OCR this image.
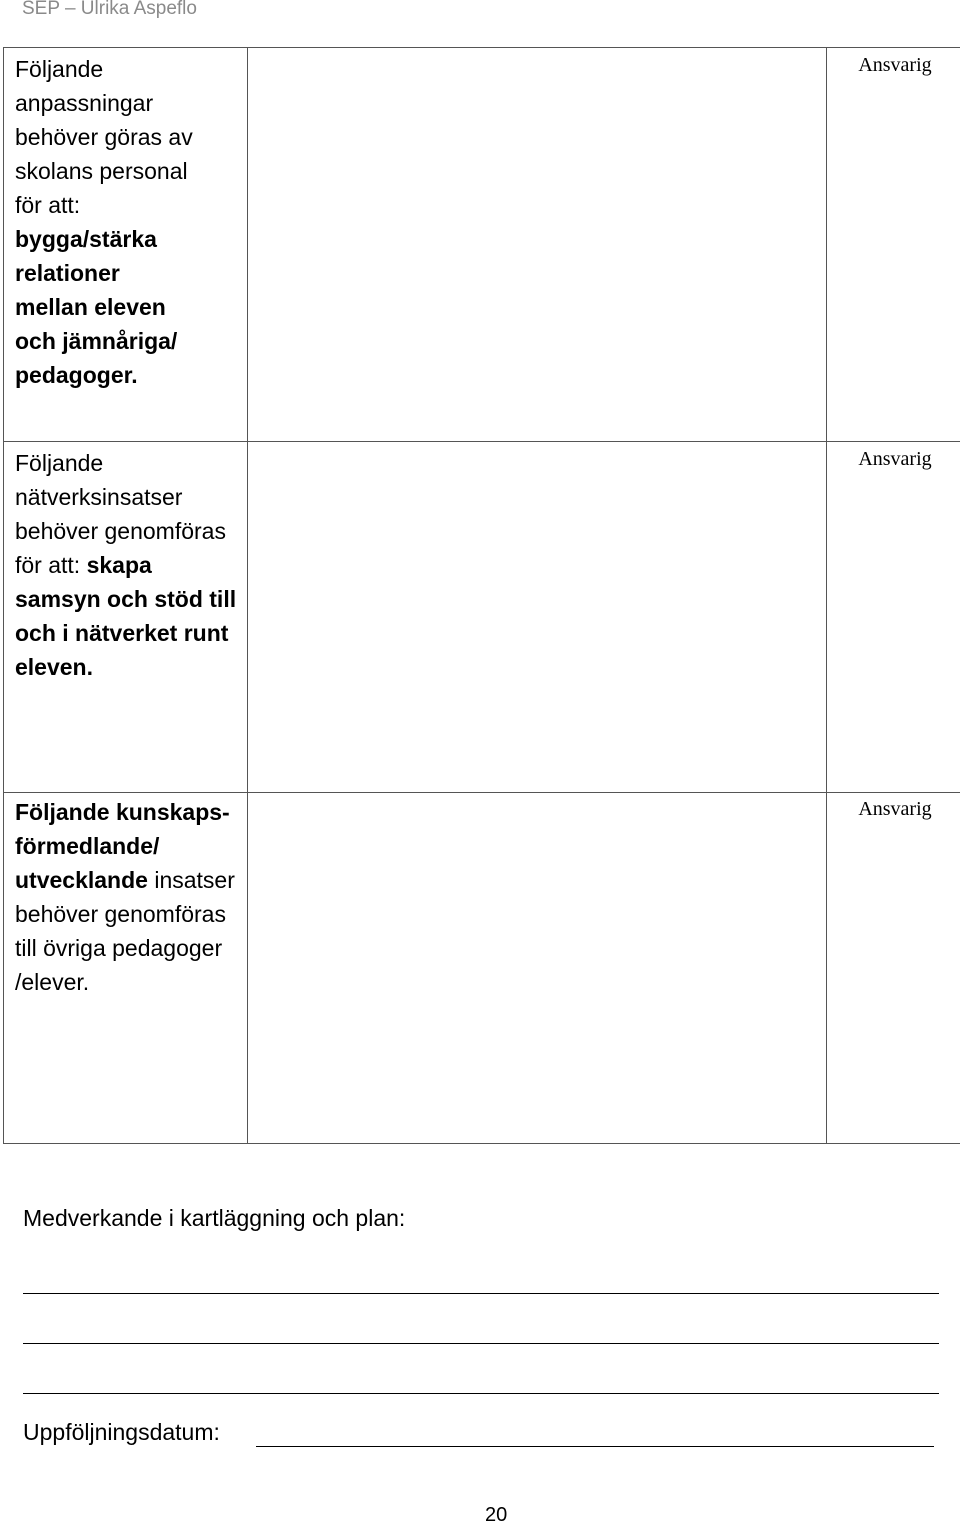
SEP – Ulrika Aspeflo
Följande anpassningar behöver göras av skolans personal för att: bygga/stärka relationer mellan eleven och jämnåriga/ pedagoger.		Ansvarig

Följande nätverksinsatser behöver genomföras för att: skapa samsyn och stöd till och i nätverket runt eleven.		Ansvarig

Följande kunskaps-förmedlande/ utvecklande insatser behöver genomföras till övriga pedagoger /elever.		Ansvarig
Medverkande i kartläggning och plan:
Uppföljningsdatum:
20
